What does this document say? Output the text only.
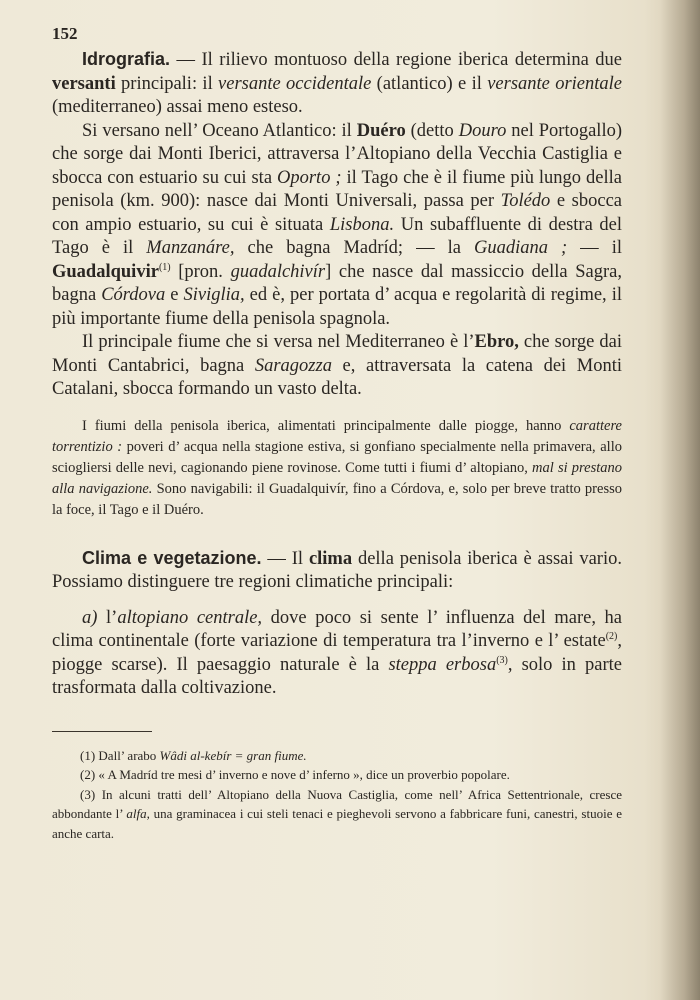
152

Idrografia. — Il rilievo montuoso della regione iberica determina due versanti principali: il versante occidentale (atlantico) e il versante orientale (mediterraneo) assai meno esteso.

Si versano nell’ Oceano Atlantico: il Duéro (detto Douro nel Portogallo) che sorge dai Monti Iberici, attraversa l’Altopiano della Vecchia Castiglia e sbocca con estuario su cui sta Oporto ; il Tago che è il fiume più lungo della penisola (km. 900): nasce dai Monti Universali, passa per Tolédo e sbocca con ampio estuario, su cui è situata Lisbona. Un subaffluente di destra del Tago è il Manzanáre, che bagna Madríd; — la Guadiana ; — il Guadalquivir$^{(1)}$ [pron. guadalchivír] che nasce dal massiccio della Sagra, bagna Córdova e Siviglia, ed è, per portata d’ acqua e regolarità di regime, il più importante fiume della penisola spagnola.

Il principale fiume che si versa nel Mediterraneo è l’Ebro, che sorge dai Monti Cantabrici, bagna Saragozza e, attraversata la catena dei Monti Catalani, sbocca formando un vasto delta.

I fiumi della penisola iberica, alimentati principalmente dalle piogge, hanno carattere torrentizio : poveri d’ acqua nella stagione estiva, si gonfiano specialmente nella primavera, allo sciogliersi delle nevi, cagionando piene rovinose. Come tutti i fiumi d’ altopiano, mal si prestano alla navigazione. Sono navigabili: il Guadalquivír, fino a Córdova, e, solo per breve tratto presso la foce, il Tago e il Duéro.

Clima e vegetazione. — Il clima della penisola iberica è assai vario. Possiamo distinguere tre regioni climatiche principali:

a) l’altopiano centrale, dove poco si sente l’ influenza del mare, ha clima continentale (forte variazione di temperatura tra l’inverno e l’ estate$^{(2)}$, piogge scarse). Il paesaggio naturale è la steppa erbosa$^{(3)}$, solo in parte trasformata dalla coltivazione.

(1) Dall’ arabo Wâdi al-kebír = gran fiume.

(2) « A Madríd tre mesi d’ inverno e nove d’ inferno », dice un proverbio popolare.

(3) In alcuni tratti dell’ Altopiano della Nuova Castiglia, come nell’ Africa Settentrionale, cresce abbondante l’ alfa, una graminacea i cui steli tenaci e pieghevoli servono a fabbricare funi, canestri, stuoie e anche carta.
